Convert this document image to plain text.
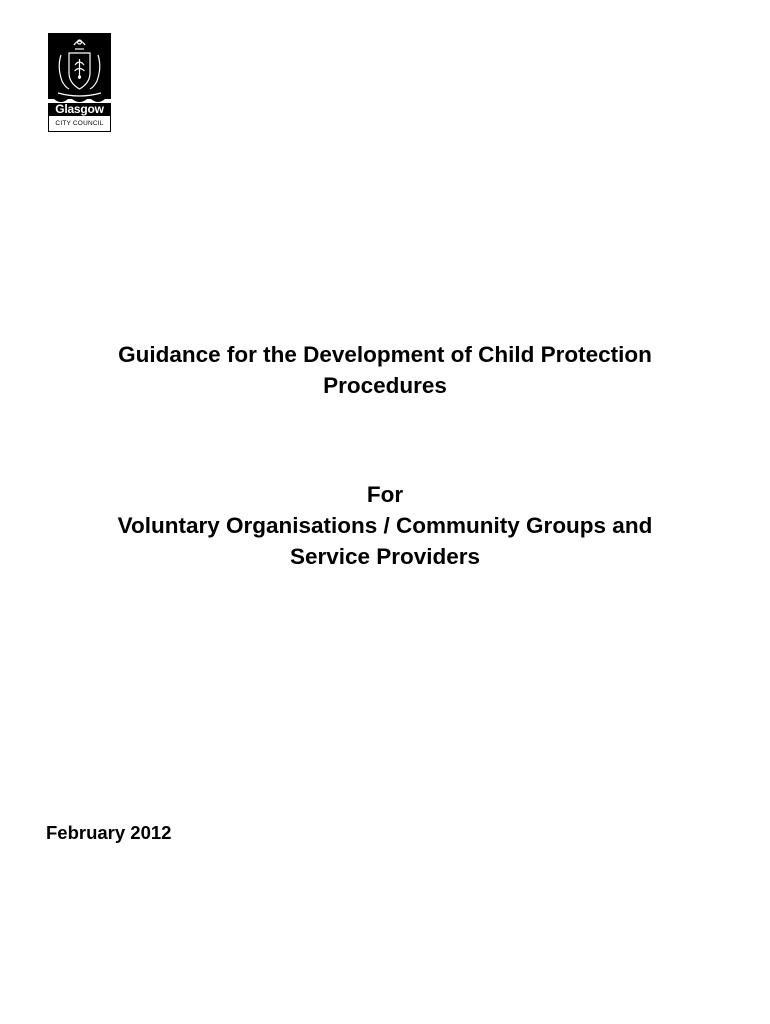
Glasgow
CITY COUNCIL
Guidance for the Development of Child Protection
Procedures
For
Voluntary Organisations / Community Groups and
Service Providers
February 2012
